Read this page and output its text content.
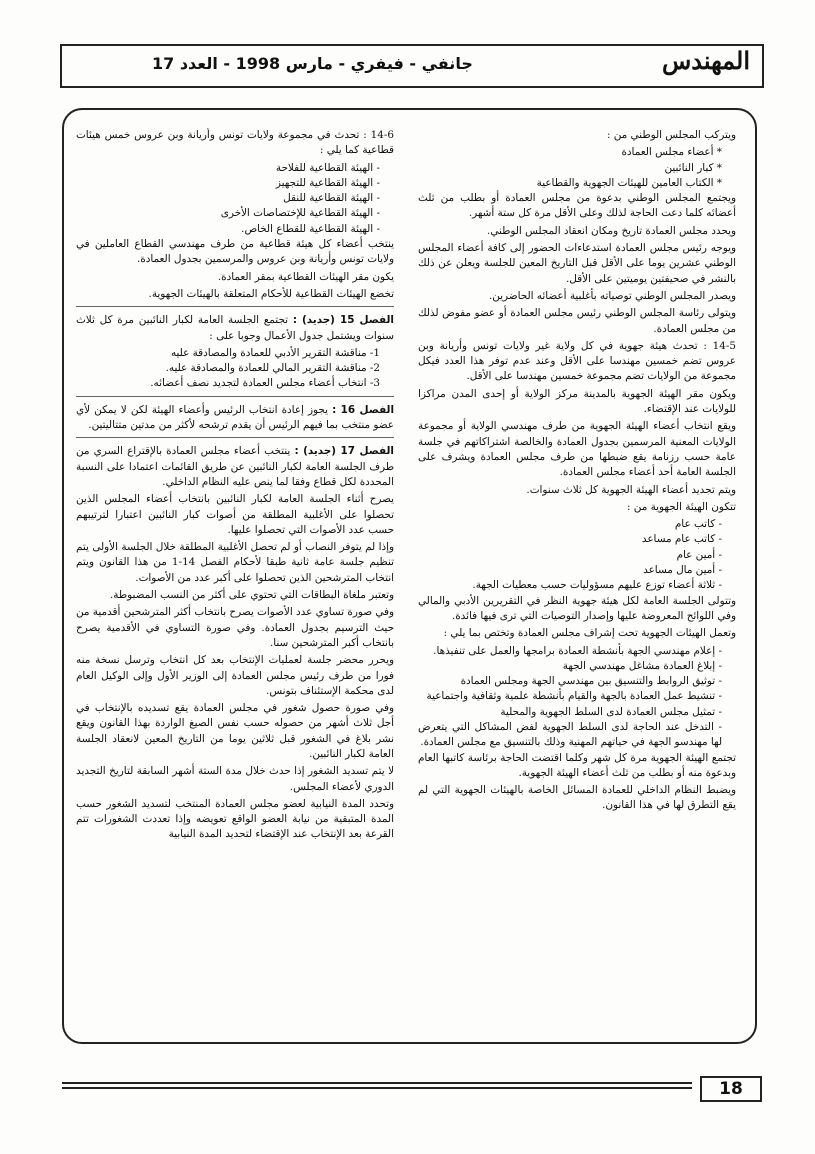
جانفي - فيفري - مارس 1998 - العدد 17	المهندس

ويتركب المجلس الوطني من :

* أعضاء مجلس العمادة

* كبار النائبين

* الكتاب العامين للهيئات الجهوية والقطاعية

ويجتمع المجلس الوطني بدعوة من مجلس العمادة أو بطلب من ثلث أعضائه كلما دعت الحاجة لذلك وعلى الأقل مرة كل ستة أشهر.

ويحدد مجلس العمادة تاريخ ومكان انعقاد المجلس الوطني.

ويوجه رئيس مجلس العمادة استدعاءات الحضور إلى كافة أعضاء المجلس الوطني عشرين يوما على الأقل قبل التاريخ المعين للجلسة ويعلن عن ذلك بالنشر في صحيفتين يوميتين على الأقل.

ويصدر المجلس الوطني توصياته بأغلبية أعضائه الحاضرين.

ويتولى رئاسة المجلس الوطني رئيس مجلس العمادة أو عضو مفوض لذلك من مجلس العمادة.

14-5 : تحدث هيئة جهوية في كل ولاية غير ولايات تونس وأريانة وبن عروس تضم خمسين مهندسا على الأقل وعند عدم توفر هذا العدد فيكل مجموعة من الولايات تضم مجموعة خمسين مهندسا على الأقل.

ويكون مقر الهيئة الجهوية بالمدينة مركز الولاية أو إحدى المدن مراكزا للولايات عند الإقتضاء.

ويقع انتخاب أعضاء الهيئة الجهوية من طرف مهندسي الولاية أو مجموعة الولايات المعنية المرسمين بجدول العمادة والخالصة اشتراكاتهم في جلسة عامة حسب رزنامة يقع ضبطها من طرف مجلس العمادة ويشرف على الجلسة العامة أحد أعضاء مجلس العمادة.

ويتم تجديد أعضاء الهيئة الجهوية كل ثلاث سنوات.

تتكون الهيئة الجهوية من :

- كاتب عام

- كاتب عام مساعد

- أمين عام

- أمين مال مساعد

- ثلاثة أعضاء توزع عليهم مسؤوليات حسب معطيات الجهة.

وتتولى الجلسة العامة لكل هيئة جهوية النظر في التقريرين الأدبي والمالي وفي اللوائح المعروضة عليها وإصدار التوصيات التي ترى فيها فائدة.

وتعمل الهيئات الجهوية تحت إشراف مجلس العمادة وتختص بما يلي :

- إعلام مهندسي الجهة بأنشطة العمادة برامجها والعمل على تنفيذها.

- إبلاغ العمادة مشاغل مهندسي الجهة

- توثيق الروابط والتنسيق بين مهندسي الجهة ومجلس العمادة

- تنشيط عمل العمادة بالجهة والقيام بأنشطة علمية وثقافية واجتماعية

- تمثيل مجلس العمادة لدى السلط الجهوية والمحلية

- التدخل عند الحاجة لدى السلط الجهوية لفض المشاكل التي يتعرض لها مهندسو الجهة في حياتهم المهنية وذلك بالتنسيق مع مجلس العمادة.

تجتمع الهيئة الجهوية مرة كل شهر وكلما اقتضت الحاجة برئاسة كاتبها العام وبدعوة منه أو بطلب من ثلث أعضاء الهيئة الجهوية.

ويضبط النظام الداخلي للعمادة المسائل الخاصة بالهيئات الجهوية التي لم يقع التطرق لها في هذا القانون.

14-6 : تحدث في مجموعة ولايات تونس وأريانة وبن عروس خمس هيئات قطاعية كما يلي :

- الهيئة القطاعية للفلاحة

- الهيئة القطاعية للتجهيز

- الهيئة القطاعية للنقل

- الهيئة القطاعية للإختصاصات الأخرى

- الهيئة القطاعية للقطاع الخاص.

ينتخب أعضاء كل هيئة قطاعية من طرف مهندسي القطاع العاملين في ولايات تونس وأريانة وبن عروس والمرسمين بجدول العمادة.

يكون مقر الهيئات القطاعية بمقر العمادة.

تخضع الهيئات القطاعية للأحكام المتعلقة بالهيئات الجهوية.

الفصل 15 (جديد) : تجتمع الجلسة العامة لكبار النائبين مرة كل ثلاث سنوات ويشتمل جدول الأعمال وجوبا على :

1- مناقشة التقرير الأدبي للعمادة والمصادقة عليه

2- مناقشة التقرير المالي للعمادة والمصادقة عليه.

3- انتخاب أعضاء مجلس العمادة لتجديد نصف أعضائه.

الفصل 16 : يجوز إعادة انتخاب الرئيس وأعضاء الهيئة لكن لا يمكن لأي عضو منتخب بما فيهم الرئيس أن يقدم ترشحه لأكثر من مدتين متتاليتين.

الفصل 17 (جديد) : ينتخب أعضاء مجلس العمادة بالإقتراع السري من طرف الجلسة العامة لكبار النائبين عن طريق القائمات اعتمادا على النسبة المحددة لكل قطاع وفقا لما ينص عليه النظام الداخلي.

يصرح أثناء الجلسة العامة لكبار النائبين بانتخاب أعضاء المجلس الذين تحصلوا على الأغلبية المطلقة من أصوات كبار النائبين اعتبارا لترتيبهم حسب عدد الأصوات التي تحصلوا عليها.

وإذا لم يتوفر النصاب أو لم تحصل الأغلبية المطلقة خلال الجلسة الأولى يتم تنظيم جلسة عامة ثانية طبقا لأحكام الفصل 14-1 من هذا القانون ويتم انتخاب المترشحين الذين تحصلوا على أكبر عدد من الأصوات.

وتعتبر ملغاة البطاقات التي تحتوي على أكثر من النسب المضبوطة.

وفي صورة تساوي عدد الأصوات يصرح بانتخاب أكثر المترشحين أقدمية من حيث الترسيم بجدول العمادة. وفي صورة التساوي في الأقدمية يصرح بانتخاب أكبر المترشحين سنا.

ويحرر محضر جلسة لعمليات الإنتخاب بعد كل انتخاب وترسل نسخة منه فورا من طرف رئيس مجلس العمادة إلى الوزير الأول وإلى الوكيل العام لدى محكمة الإستئناف بتونس.

وفي صورة حصول شغور في مجلس العمادة يقع تسديده بالإنتخاب في أجل ثلاث أشهر من حصوله حسب نفس الصيغ الواردة بهذا القانون ويقع نشر بلاغ في الشغور قبل ثلاثين يوما من التاريخ المعين لانعقاد الجلسة العامة لكبار النائبين.

لا يتم تسديد الشغور إذا حدث خلال مدة الستة أشهر السابقة لتاريخ التجديد الدوري لأعضاء المجلس.

وتحدد المدة النيابية لعضو مجلس العمادة المنتخب لتسديد الشغور حسب المدة المتبقية من نيابة العضو الواقع تعويضه وإذا تعددت الشغورات تتم القرعة بعد الإنتخاب عند الإقتضاء لتحديد المدة النيابية

18
